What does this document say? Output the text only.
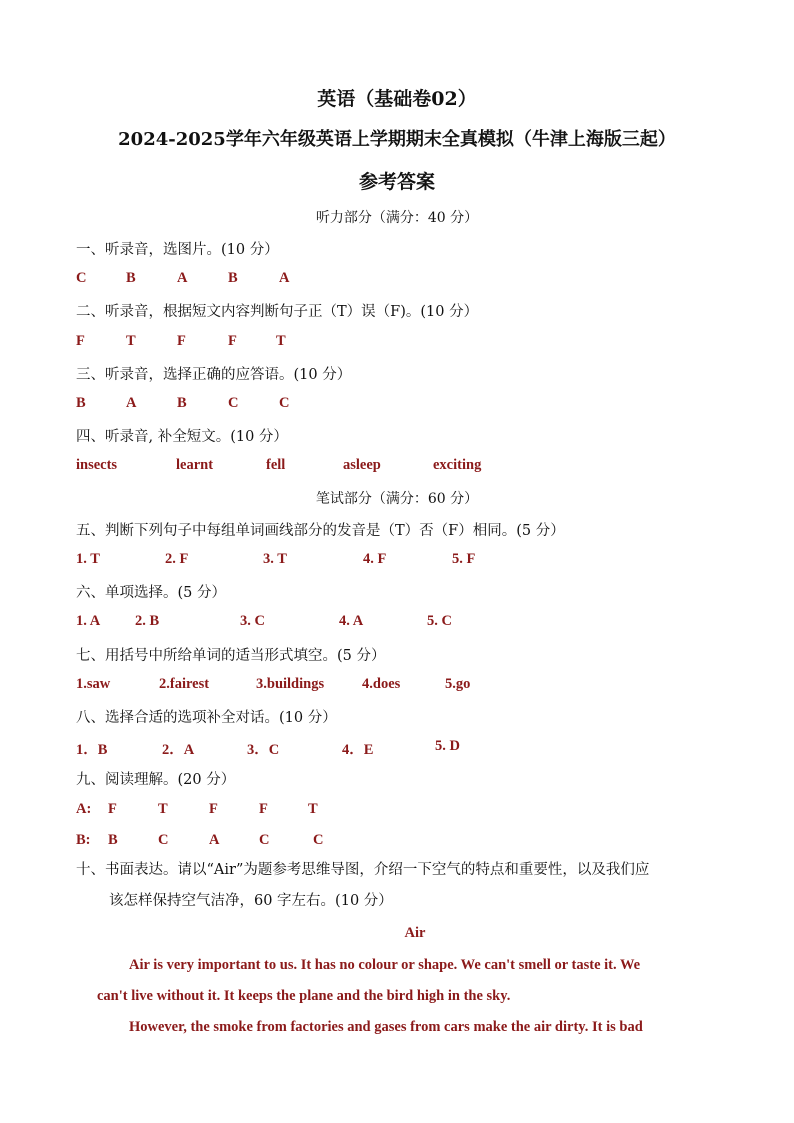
英语（基础卷02）
2024-2025学年六年级英语上学期期末全真模拟（牛津上海版三起）
参考答案
听力部分（满分：40 分）
一、听录音，选图片。(10 分）
C	B	A	B	A
二、听录音，根据短文内容判断句子正（T）误（F)。(10 分）
F	T	F	F	T
三、听录音，选择正确的应答语。(10 分）
B	A	B	C	C
四、听录音, 补全短文。(10 分）
insects	learnt	fell	asleep	exciting
笔试部分（满分：60 分）
五、判断下列句子中每组单词画线部分的发音是（T）否（F）相同。(5 分）
1. T	2. F	3. T	4. F	5. F
六、单项选择。(5 分）
1. A 2. B	3. C	4. A	5. C
七、用括号中所给单词的适当形式填空。(5 分）
1.saw	2.fairest	3.buildings	4.does	5.go
八、选择合适的选项补全对话。(10 分）
1．B	2．A	3．C	4．E	5. D
九、阅读理解。(20 分）
A: F	T	F	F	T
B: B	C	A	C	C
十、书面表达。请以“Air”为题参考思维导图，介绍一下空气的特点和重要性，以及我们应
该怎样保持空气洁净，60 字左右。(10 分）
Air
Air is very important to us. It has no colour or shape. We can't smell or taste it. We
can't live without it. It keeps the plane and the bird high in the sky.
However, the smoke from factories and gases from cars make the air dirty. It is bad
